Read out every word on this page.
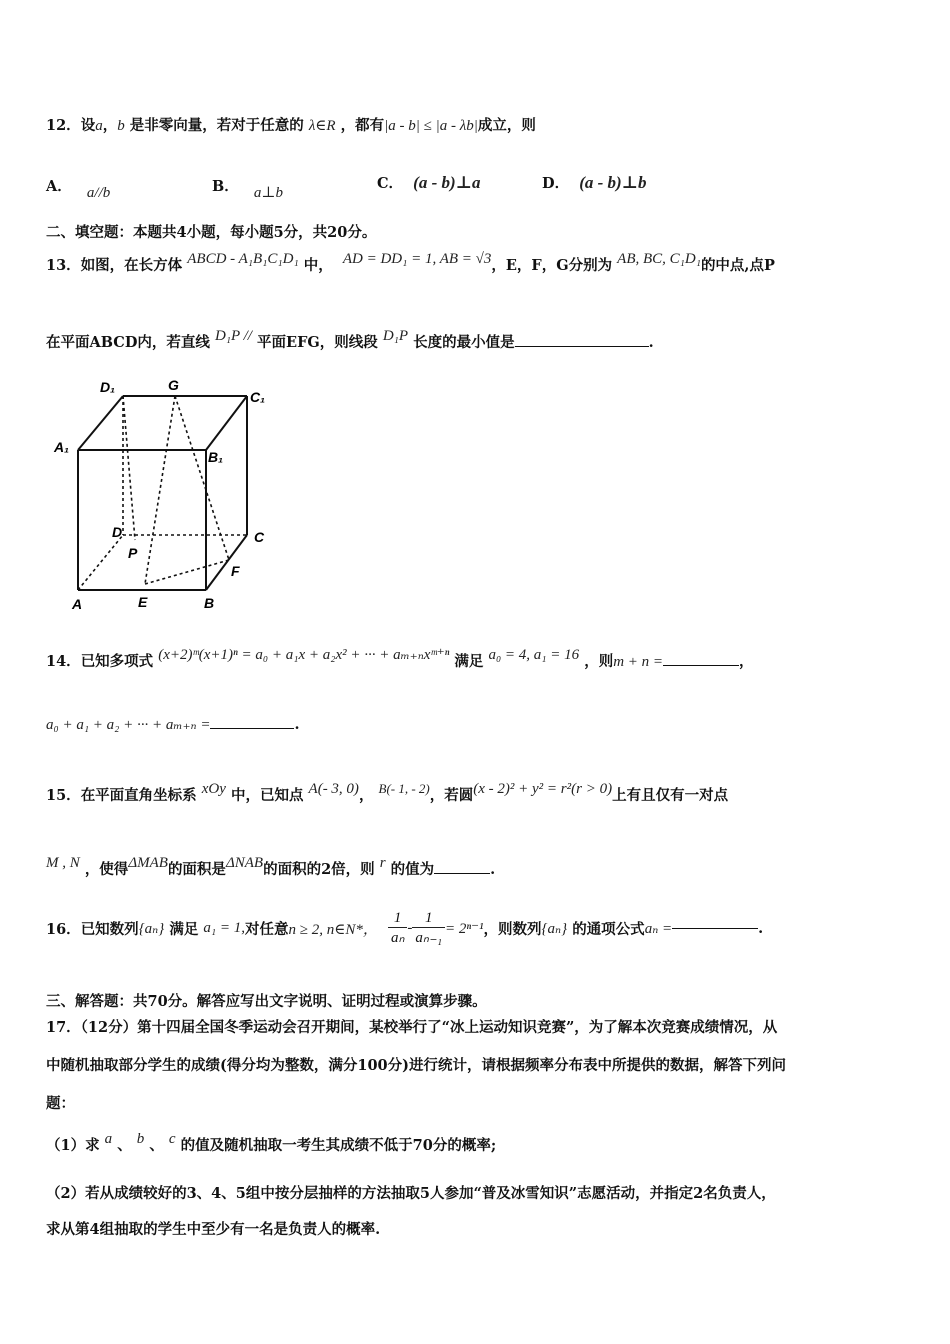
12．设a，b 是非零向量，若对于任意的 λ∈R ，都有|a - b| ≤ |a - λb|成立，则
A． a//b	B． a⊥b
C． (a - b)⊥a	D． (a - b)⊥b
二、填空题：本题共4小题，每小题5分，共20分。
13．如图，在长方体 ABCD - A₁B₁C₁D₁ 中， AD = DD₁ = 1, AB = √3，E，F，G分别为 AB, BC, C₁D₁的中点,点P
在平面ABCD内，若直线 D₁P // 平面EFG，则线段 D₁P 长度的最小值是	.
D₁	G
C₁
A₁
B₁
D
P
C
F
A	E	B
14．已知多项式 (x+2)ᵐ(x+1)ⁿ = a₀ + a₁x + a₂x² + ··· + aₘ₊ₙxᵐ⁺ⁿ 满足 a₀ = 4, a₁ = 16 ，则m + n =	，
a₀ + a₁ + a₂ + ··· + aₘ₊ₙ =	.
15．在平面直角坐标系 xOy 中，已知点 A(- 3, 0)， B(- 1, - 2)，若圆(x - 2)² + y² = r²(r > 0)上有且仅有一对点
M , N ，使得ΔMAB的面积是ΔNAB的面积的2倍，则 r 的值为	.
16．已知数列{aₙ} 满足 a₁ = 1,对任意n ≥ 2, n∈N*， $\frac{1}{\text{aₙ}} - \frac{1}{\text{aₙ₋₁}} = 2^{n-1}$，则数列{aₙ} 的通项公式aₙ =	.
三、解答题：共70分。解答应写出文字说明、证明过程或演算步骤。
17．（12分）第十四届全国冬季运动会召开期间，某校举行了“冰上运动知识竞赛”，为了解本次竞赛成绩情况，从
中随机抽取部分学生的成绩(得分均为整数，满分100分)进行统计，请根据频率分布表中所提供的数据，解答下列问
题：
（1）求 a 、 b 、 c 的值及随机抽取一考生其成绩不低于70分的概率;
（2）若从成绩较好的3、4、5组中按分层抽样的方法抽取5人参加“普及冰雪知识”志愿活动，并指定2名负责人，
求从第4组抽取的学生中至少有一名是负责人的概率.
